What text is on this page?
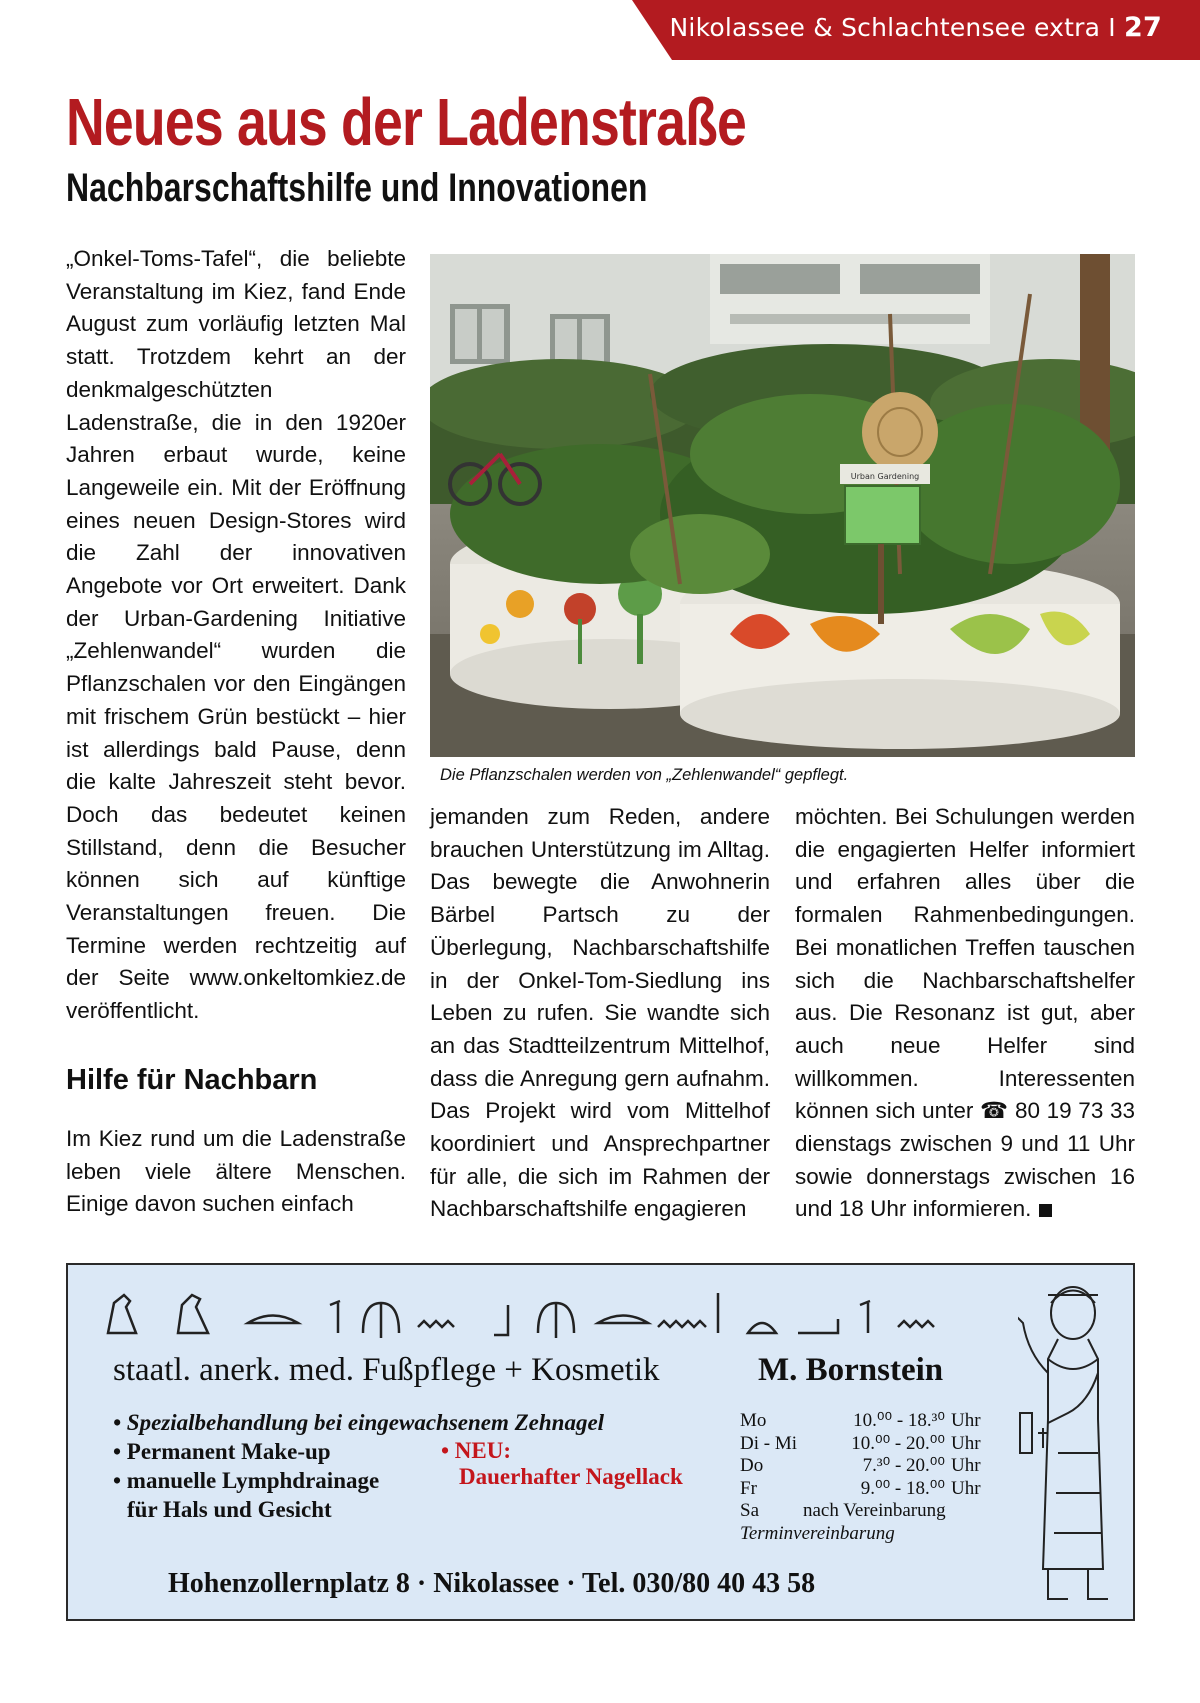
Nikolassee & Schlachtensee extra I 27
Neues aus der Ladenstraße
Nachbarschaftshilfe und Innovationen

„Onkel-Toms-Tafel“, die beliebte Veranstaltung im Kiez, fand Ende August zum vorläufig letzten Mal statt. Trotzdem kehrt an der denkmalgeschützten Ladenstraße, die in den 1920er Jahren erbaut wurde, keine Langeweile ein. Mit der Eröffnung eines neuen Design-Stores wird die Zahl der innovativen Angebote vor Ort erweitert. Dank der Urban-Gardening Initiative „Zehlenwandel“ wurden die Pflanzschalen vor den Eingängen mit frischem Grün bestückt – hier ist allerdings bald Pause, denn die kalte Jahreszeit steht bevor. Doch das bedeutet keinen Stillstand, denn die Besucher können sich auf künftige Veranstaltungen freuen. Die Termine werden rechtzeitig auf der Seite www.onkeltomkiez.de veröffentlicht.

Hilfe für Nachbarn

Im Kiez rund um die Ladenstraße leben viele ältere Menschen. Einige davon suchen einfach

Urban Gardening
Die Pflanzschalen werden von „Zehlenwandel“ gepflegt.

jemanden zum Reden, andere brauchen Unterstützung im Alltag. Das bewegte die Anwohnerin Bärbel Partsch zu der Überlegung, Nachbarschaftshilfe in der Onkel-Tom-Siedlung ins Leben zu rufen. Sie wandte sich an das Stadtteilzentrum Mittelhof, dass die Anregung gern aufnahm. Das Projekt wird vom Mittelhof koordiniert und Ansprechpartner für alle, die sich im Rahmen der Nachbarschaftshilfe engagieren

möchten. Bei Schulungen werden die engagierten Helfer informiert und erfahren alles über die formalen Rahmenbedingungen. Bei monatlichen Treffen tauschen sich die Nachbarschaftshelfer aus. Die Resonanz ist gut, aber auch neue Helfer sind willkommen. Interessenten können sich unter ☎ 80 19 73 33 dienstags zwischen 9 und 11 Uhr sowie donnerstags zwischen 16 und 18 Uhr informieren.

staatl. anerk. med. Fußpflege + Kosmetik	M. Bornstein
• Spezialbehandlung bei eingewachsenem Zehnagel
• Permanent Make-up
• manuelle Lymphdrainage
für Hals und Gesicht
• NEU:
Dauerhafter Nagellack
Mo	10.⁰⁰ - 18.³⁰	Uhr
Di - Mi	10.⁰⁰ - 20.⁰⁰	Uhr
Do	7.³⁰ - 20.⁰⁰	Uhr
Fr	9.⁰⁰ - 18.⁰⁰	Uhr
Sa	nach Vereinbarung	
Terminvereinbarung
Hohenzollernplatz 8 · Nikolassee · Tel. 030/80 40 43 58
